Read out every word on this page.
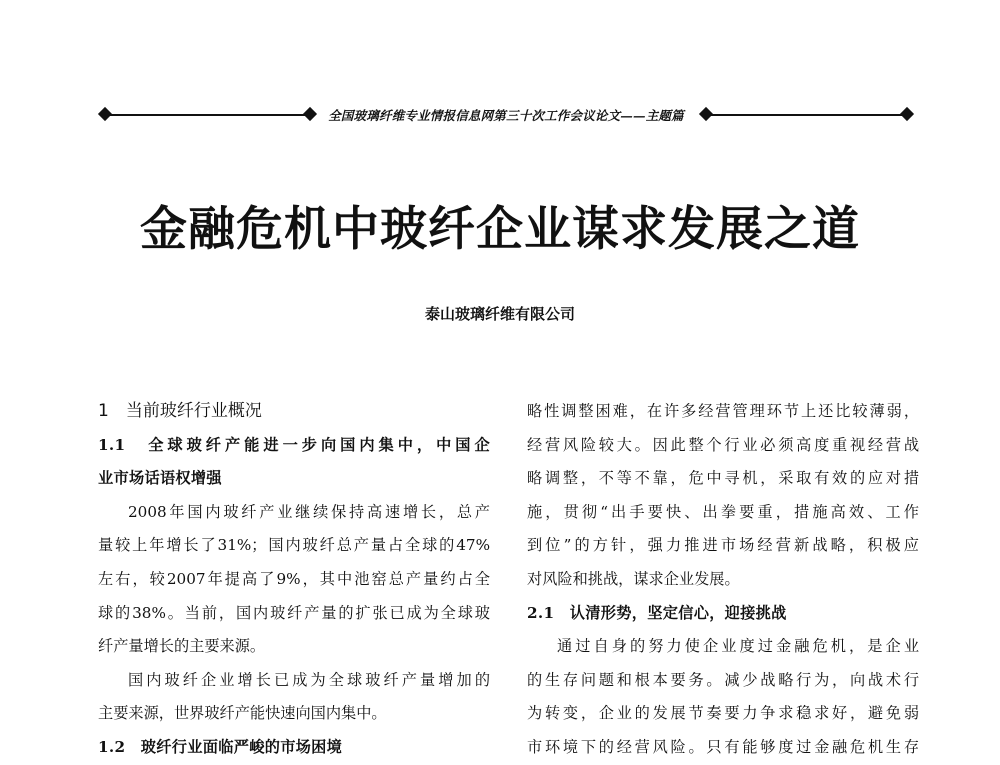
全国玻璃纤维专业情报信息网第三十次工作会议论文——主题篇
金融危机中玻纤企业谋求发展之道
泰山玻璃纤维有限公司
1　当前玻纤行业概况
1.1　全球玻纤产能进一步向国内集中，中国企
业市场话语权增强
2008年国内玻纤产业继续保持高速增长，总产
量较上年增长了31%；国内玻纤总产量占全球的47%
左右，较2007年提高了9%，其中池窑总产量约占全
球的38%。当前，国内玻纤产量的扩张已成为全球玻
纤产量增长的主要来源。
国内玻纤企业增长已成为全球玻纤产量增加的
主要来源，世界玻纤产能快速向国内集中。
1.2　玻纤行业面临严峻的市场困境
略性调整困难，在许多经营管理环节上还比较薄弱，
经营风险较大。因此整个行业必须高度重视经营战
略调整，不等不靠，危中寻机，采取有效的应对措
施，贯彻“出手要快、出拳要重，措施高效、工作
到位”的方针，强力推进市场经营新战略，积极应
对风险和挑战，谋求企业发展。
2.1　认清形势，坚定信心，迎接挑战
通过自身的努力使企业度过金融危机，是企业
的生存问题和根本要务。减少战略行为，向战术行
为转变，企业的发展节奏要力争求稳求好，避免弱
市环境下的经营风险。只有能够度过金融危机生存
